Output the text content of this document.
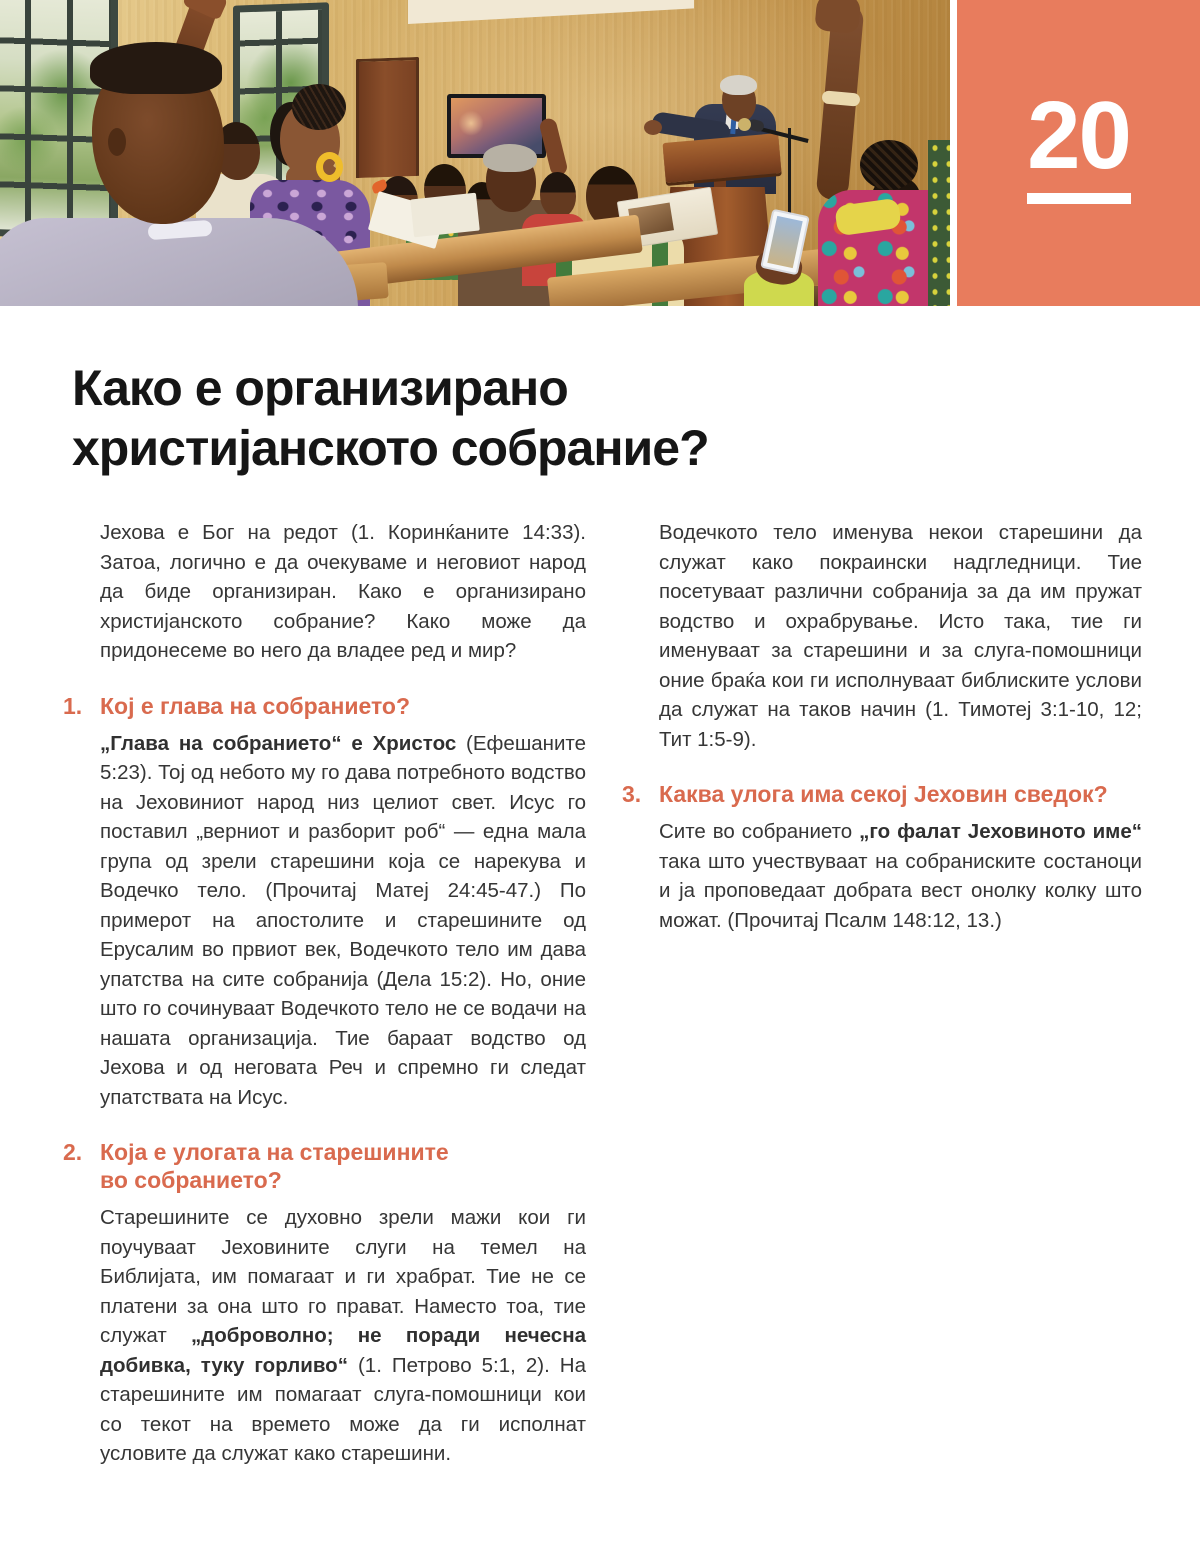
20
Како е организирано христијанското собрание?

Јехова е Бог на редот (1. Коринќаните 14:33). Затоа, логично е да очекуваме и неговиот народ да биде организиран. Како е организирано христијанското собрание? Како може да придонесеме во него да владее ред и мир?

1. Кој е глава на собранието?

„Глава на собранието“ е Христос (Ефешаните 5:23). Тој од небото му го дава потребното водство на Јеховиниот народ низ целиот свет. Исус го поставил „верниот и разборит роб“ — една мала група од зрели старешини која се нарекува и Водечко тело. (Прочитај Матеј 24:45-47.) По примерот на апостолите и старешините од Ерусалим во првиот век, Водечкото тело им дава упатства на сите собранија (Дела 15:2). Но, оние што го сочинуваат Водечкото тело не се водачи на нашата организација. Тие бараат водство од Јехова и од неговата Реч и спремно ги следат упатствата на Исус.

2. Која е улогата на старешините во собранието?

Старешините се духовно зрели мажи кои ги поучуваат Јеховините слуги на темел на Библијата, им помагаат и ги храбрат. Тие не се платени за она што го прават. Наместо тоа, тие служат „доброволно; не поради нечесна добивка, туку горливо“ (1. Петрово 5:1, 2). На старешините им помагаат слуга-помошници кои со текот на времето може да ги исполнат условите да служат како старешини.

Водечкото тело именува некои старешини да служат како покраински надгледници. Тие посетуваат различни собранија за да им пружат водство и охрабрување. Исто така, тие ги именуваат за старешини и за слуга-помошници оние браќа кои ги исполнуваат библиските услови да служат на таков начин (1. Тимотеј 3:1-10, 12; Тит 1:5-9).

3. Каква улога има секој Јеховин сведок?

Сите во собранието „го фалат Јеховиното име“ така што учествуваат на собраниските состаноци и ја проповедаат добрата вест онолку колку што можат. (Прочитај Псалм 148:12, 13.)
